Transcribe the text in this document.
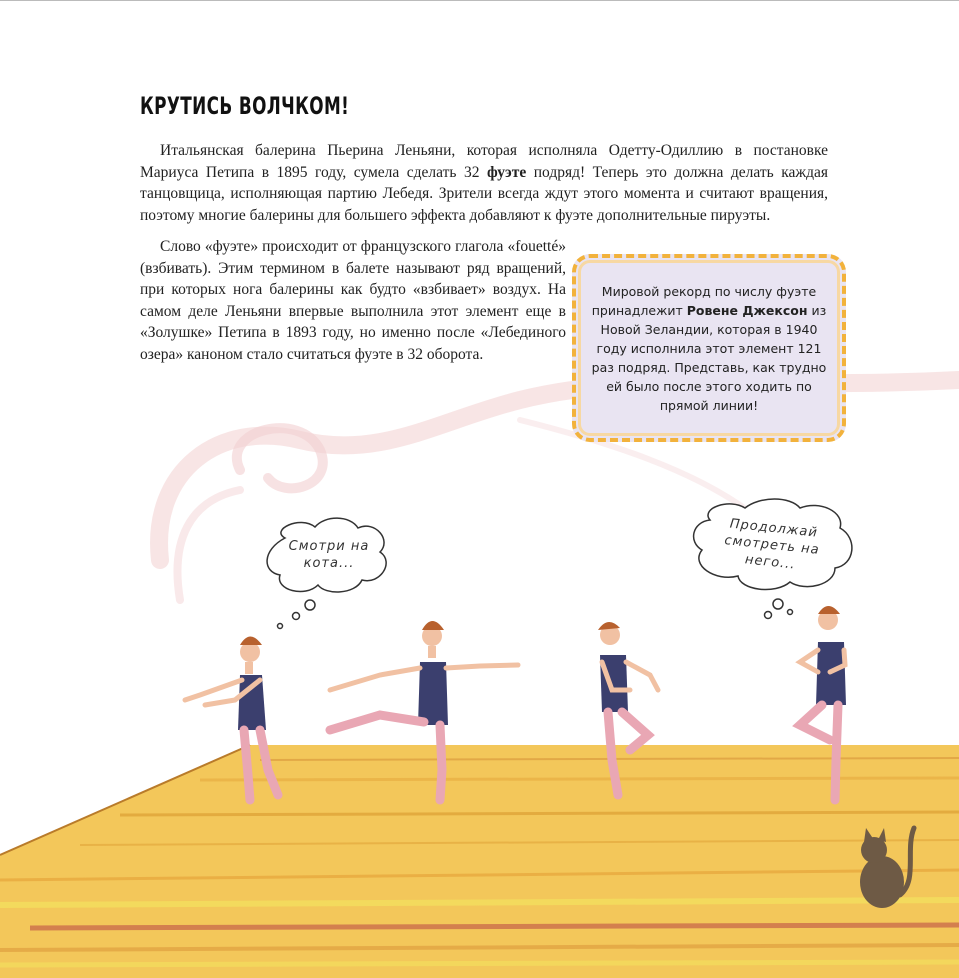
КРУТИСЬ ВОЛЧКОМ!

Итальянская балерина Пьерина Леньяни, которая исполняла Одетту-Одиллию в постановке Мариуса Петипа в 1895 году, сумела сделать 32 фуэте подряд! Теперь это должна делать каждая танцовщица, исполняющая партию Лебедя. Зрители всегда ждут этого момента и считают вращения, поэтому многие балерины для большего эффекта добавляют к фуэте дополнительные пируэты.

Слово «фуэте» происходит от французского глагола «fouetté» (взбивать). Этим термином в балете называют ряд вращений, при которых нога балерины как будто «взбивает» воздух. На самом деле Леньяни впервые выполнила этот элемент еще в «Золушке» Петипа в 1893 году, но именно после «Лебединого озера» каноном стало считаться фуэте в 32 оборота.

Мировой рекорд по числу фуэте принадлежит Ровене Джексон из Новой Зеландии, которая в 1940 году исполнила этот элемент 121 раз подряд. Представь, как трудно ей было после этого ходить по прямой линии!
Смотри на кота...
Продолжай смотреть на него...
